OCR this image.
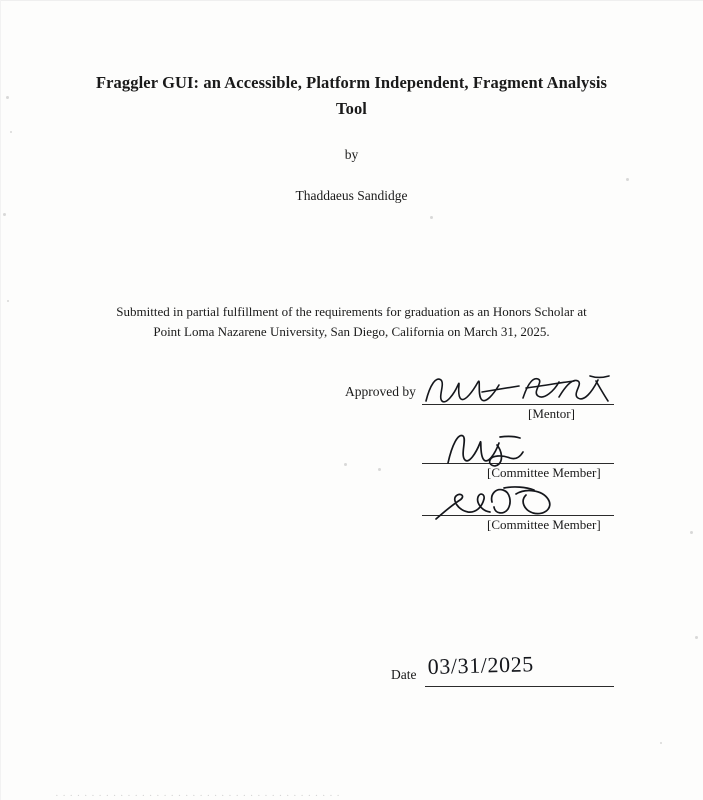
Fraggler GUI: an Accessible, Platform Independent, Fragment Analysis Tool
by
Thaddaeus Sandidge
Submitted in partial fulfillment of the requirements for graduation as an Honors Scholar at
Point Loma Nazarene University, San Diego, California on March 31, 2025.
Approved by
[Mentor]
[Committee Member]
[Committee Member]
Date 03/31/2025
· · · · · · · · · · · · · · · · · · · · · · · · · · · · · · · · · · · · · · · ·
